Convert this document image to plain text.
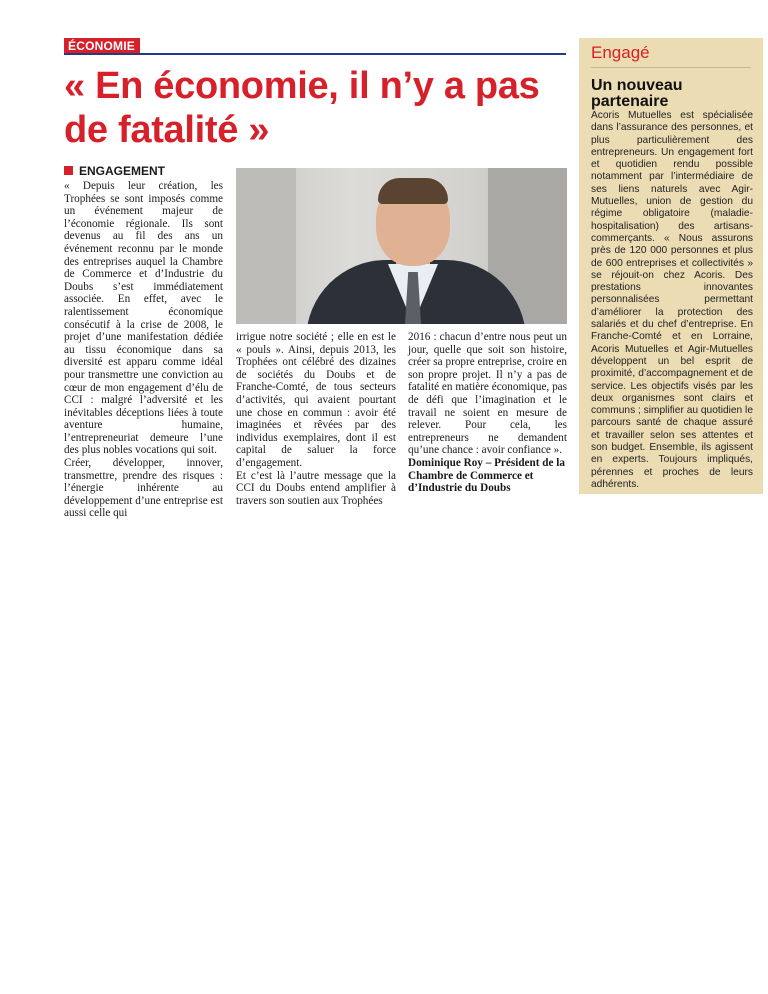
ÉCONOMIE
« En économie, il n’y a pas de fatalité »
ENGAGEMENT

« Depuis leur création, les Trophées se sont imposés comme un événement majeur de l’économie régionale. Ils sont devenus au fil des ans un événement reconnu par le monde des entreprises auquel la Chambre de Commerce et d’Industrie du Doubs s’est immédiatement associée. En effet, avec le ralentissement économique consécutif à la crise de 2008, le projet d’une manifestation dédiée au tissu économique dans sa diversité est apparu comme idéal pour transmettre une conviction au cœur de mon engagement d’élu de CCI : malgré l’adversité et les inévitables déceptions liées à toute aventure humaine, l’entrepreneuriat demeure l’une des plus nobles vocations qui soit.

Créer, développer, innover, transmettre, prendre des risques : l’énergie inhérente au développement d’une entreprise est aussi celle qui

irrigue notre société ; elle en est le « pouls ». Ainsi, depuis 2013, les Trophées ont célébré des dizaines de sociétés du Doubs et de Franche-Comté, de tous secteurs d’activités, qui avaient pourtant une chose en commun : avoir été imaginées et rêvées par des individus exemplaires, dont il est capital de saluer la force d’engagement.

Et c’est là l’autre message que la CCI du Doubs entend amplifier à travers son soutien aux Trophées

2016 : chacun d’entre nous peut un jour, quelle que soit son histoire, créer sa propre entreprise, croire en son propre projet. Il n’y a pas de fatalité en matière économique, pas de défi que l’imagination et le travail ne soient en mesure de relever. Pour cela, les entrepreneurs ne demandent qu’une chance : avoir confiance ».

Dominique Roy – Président de la Chambre de Commerce et d’Industrie du Doubs

Engagé
Un nouveau partenaire

Acoris Mutuelles est spécialisée dans l’assurance des personnes, et plus particulièrement des entrepreneurs. Un engagement fort et quotidien rendu possible notamment par l’intermédiaire de ses liens naturels avec Agir-Mutuelles, union de gestion du régime obligatoire (maladie-hospitalisation) des artisans-commerçants. « Nous assurons près de 120 000 personnes et plus de 600 entreprises et collectivités » se réjouit-on chez Acoris. Des prestations innovantes personnalisées permettant d’améliorer la protection des salariés et du chef d’entreprise. En Franche-Comté et en Lorraine, Acoris Mutuelles et Agir-Mutuelles développent un bel esprit de proximité, d’accompagnement et de service. Les objectifs visés par les deux organismes sont clairs et communs ; simplifier au quotidien le parcours santé de chaque assuré et travailler selon ses attentes et son budget. Ensemble, ils agissent en experts. Toujours impliqués, pérennes et proches de leurs adhérents.
